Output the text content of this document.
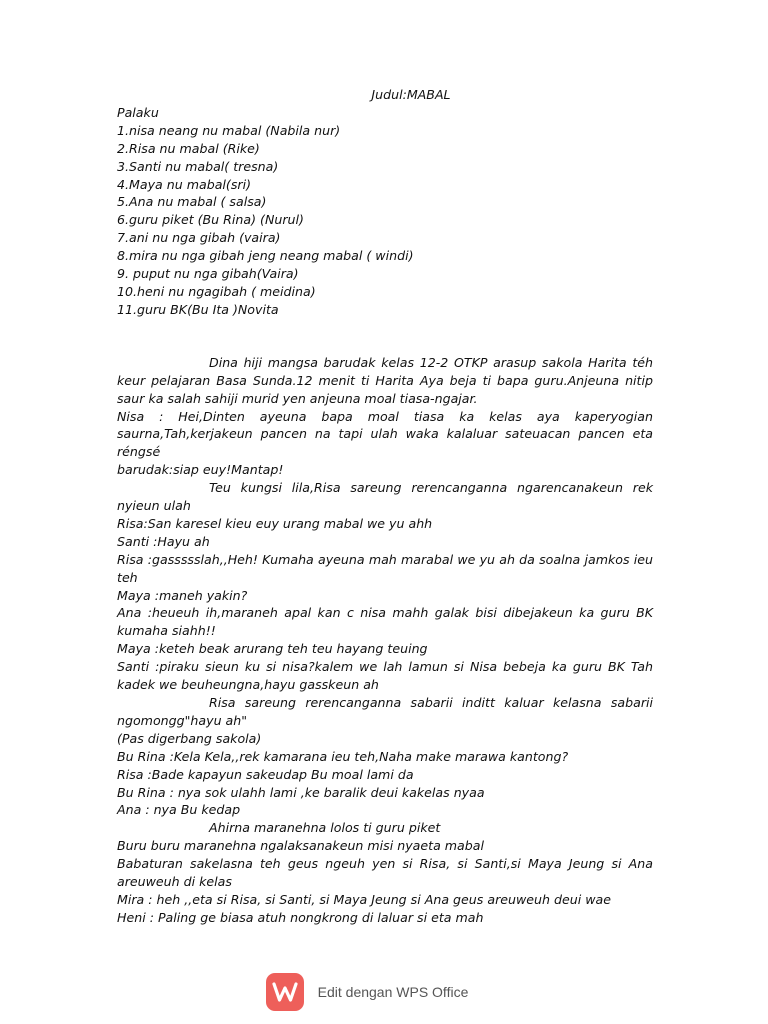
Judul:MABAL
Palaku
1.nisa neang nu mabal (Nabila nur)
2.Risa nu mabal (Rike)
3.Santi nu mabal( tresna)
4.Maya nu mabal(sri)
5.Ana nu mabal ( salsa)
6.guru piket (Bu Rina) (Nurul)
7.ani nu nga gibah (vaira)
8.mira nu nga gibah jeng neang mabal ( windi)
9. puput nu nga gibah(Vaira)
10.heni nu ngagibah ( meidina)
11.guru BK(Bu Ita )Novita
Dina hiji mangsa barudak kelas 12-2 OTKP arasup sakola Harita téh keur pelajaran Basa Sunda.12 menit ti Harita Aya beja ti bapa guru.Anjeuna nitip saur ka salah sahiji murid yen anjeuna moal tiasa-ngajar.
Nisa : Hei,Dinten ayeuna bapa moal tiasa ka kelas aya kaperyogian saurna,Tah,kerjakeun pancen na tapi ulah waka kalaluar sateuacan pancen eta réngsé
barudak:siap euy!Mantap!
Teu kungsi lila,Risa sareung rerencanganna ngarencanakeun rek nyieun ulah
Risa:San karesel kieu euy urang mabal we yu ahh
Santi :Hayu ah
Risa :gassssslah,,Heh! Kumaha ayeuna mah marabal we yu ah da soalna jamkos ieu teh
Maya :maneh yakin?
Ana :heueuh ih,maraneh apal kan c nisa mahh galak bisi dibejakeun ka guru BK kumaha siahh!!
Maya :keteh beak arurang teh teu hayang teuing
Santi :piraku sieun ku si nisa?kalem we lah lamun si Nisa bebeja ka guru BK Tah kadek we beuheungna,hayu gasskeun ah
Risa sareung rerencanganna sabarii inditt kaluar kelasna sabarii ngomongg"hayu ah"
(Pas digerbang sakola)
Bu Rina :Kela Kela,,rek kamarana ieu teh,Naha make marawa kantong?
Risa :Bade kapayun sakeudap Bu moal lami da
Bu Rina : nya sok ulahh lami ,ke baralik deui kakelas nyaa
Ana : nya Bu kedap
Ahirna maranehna lolos ti guru piket
Buru buru maranehna ngalaksanakeun misi nyaeta mabal
Babaturan sakelasna teh geus ngeuh yen si Risa, si Santi,si Maya Jeung si Ana areuweuh di kelas
Mira : heh ,,eta si Risa, si Santi, si Maya Jeung si Ana geus areuweuh deui wae
Heni : Paling ge biasa atuh nongkrong di laluar si eta mah
Edit dengan WPS Office
